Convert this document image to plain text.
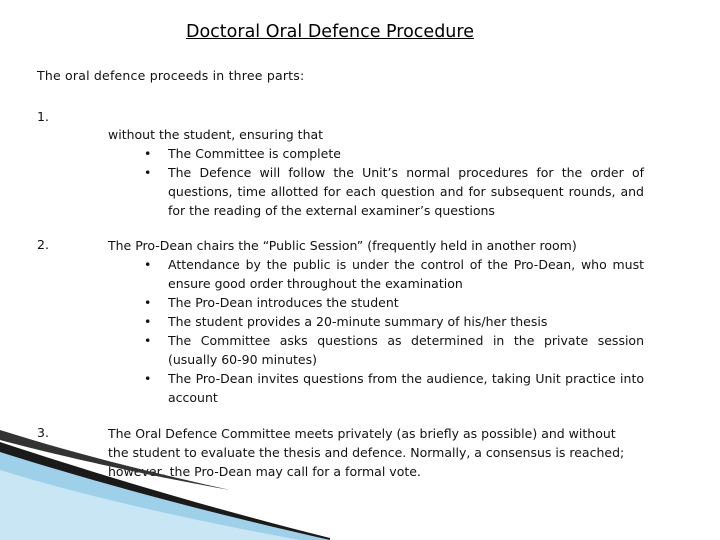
Doctoral Oral Defence Procedure
The oral defence proceeds in three parts:
1.
without the student, ensuring that
• The Committee is complete
• The Defence will follow the Unit’s normal procedures for the order of questions, time allotted for each question and for subsequent rounds, and for the reading of the external examiner’s questions
2.	The Pro-Dean chairs the “Public Session” (frequently held in another room)
• Attendance by the public is under the control of the Pro-Dean, who must ensure good order throughout the examination
• The Pro-Dean introduces the student
• The student provides a 20-minute summary of his/her thesis
• The Committee asks questions as determined in the private session (usually 60-90 minutes)
• The Pro-Dean invites questions from the audience, taking Unit practice into account
3.	The Oral Defence Committee meets privately (as briefly as possible) and without the student to evaluate the thesis and defence. Normally, a consensus is reached; however, the Pro-Dean may call for a formal vote.
